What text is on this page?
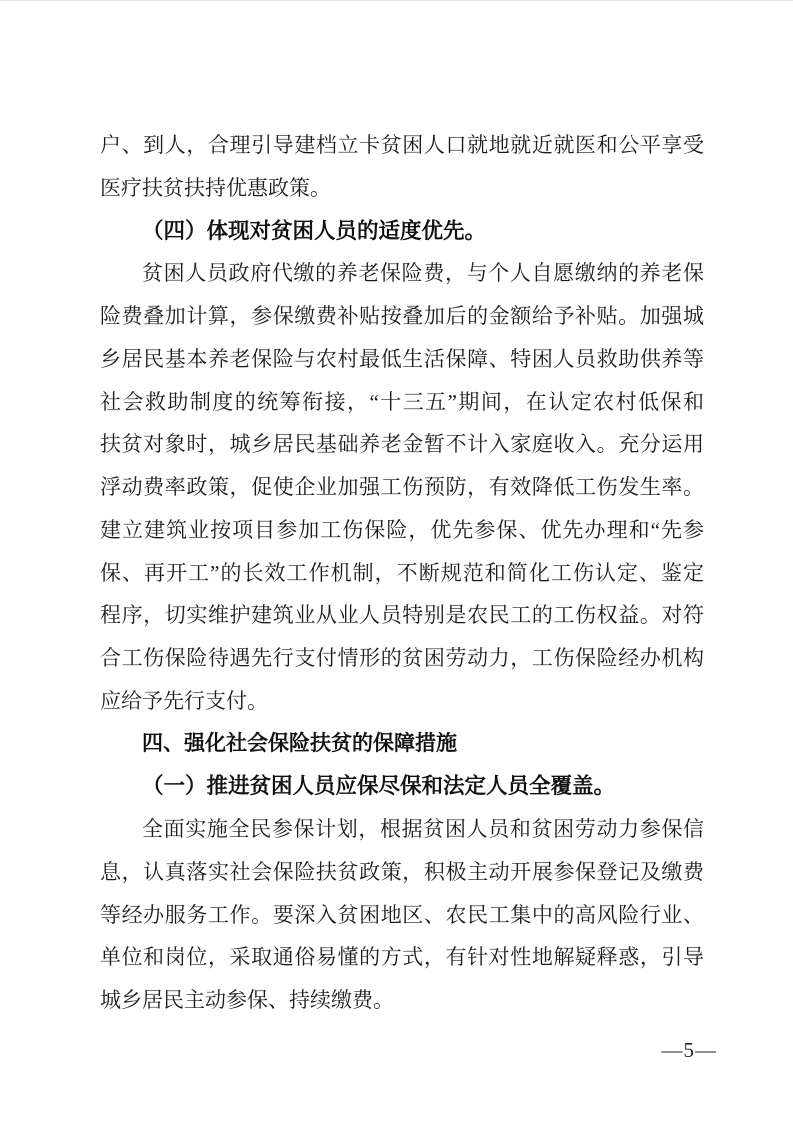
户、到人，合理引导建档立卡贫困人口就地就近就医和公平享受
医疗扶贫扶持优惠政策。
（四）体现对贫困人员的适度优先。
贫困人员政府代缴的养老保险费，与个人自愿缴纳的养老保
险费叠加计算，参保缴费补贴按叠加后的金额给予补贴。加强城
乡居民基本养老保险与农村最低生活保障、特困人员救助供养等
社会救助制度的统筹衔接，“十三五”期间，在认定农村低保和
扶贫对象时，城乡居民基础养老金暂不计入家庭收入。充分运用
浮动费率政策，促使企业加强工伤预防，有效降低工伤发生率。
建立建筑业按项目参加工伤保险，优先参保、优先办理和“先参
保、再开工”的长效工作机制，不断规范和简化工伤认定、鉴定
程序，切实维护建筑业从业人员特别是农民工的工伤权益。对符
合工伤保险待遇先行支付情形的贫困劳动力，工伤保险经办机构
应给予先行支付。
四、强化社会保险扶贫的保障措施
（一）推进贫困人员应保尽保和法定人员全覆盖。
全面实施全民参保计划，根据贫困人员和贫困劳动力参保信
息，认真落实社会保险扶贫政策，积极主动开展参保登记及缴费
等经办服务工作。要深入贫困地区、农民工集中的高风险行业、
单位和岗位，采取通俗易懂的方式，有针对性地解疑释惑，引导
城乡居民主动参保、持续缴费。
—5—
